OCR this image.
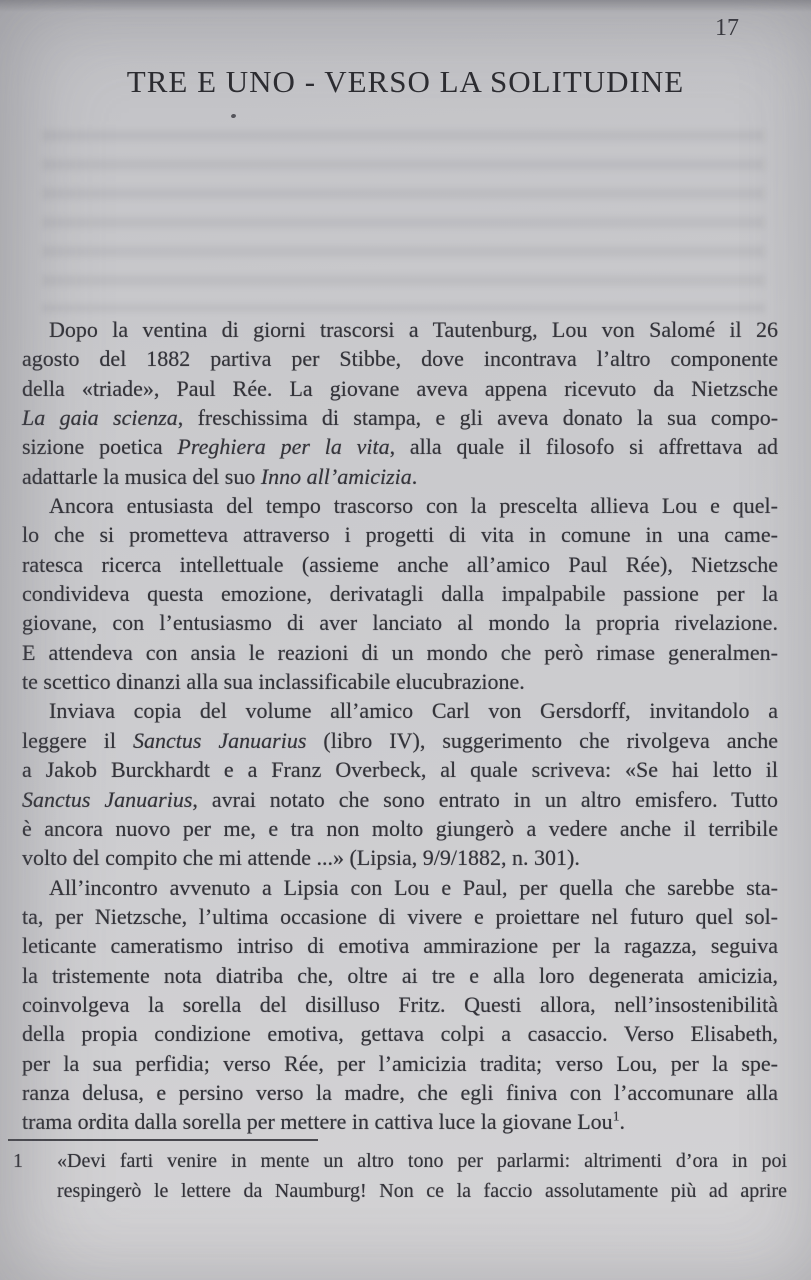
17
TRE E UNO - VERSO LA SOLITUDINE
Dopo la ventina di giorni trascorsi a Tautenburg, Lou von Salomé il 26
agosto del 1882 partiva per Stibbe, dove incontrava l’altro componente
della «triade», Paul Rée. La giovane aveva appena ricevuto da Nietzsche
La gaia scienza, freschissima di stampa, e gli aveva donato la sua compo-
sizione poetica Preghiera per la vita, alla quale il filosofo si affrettava ad
adattarle la musica del suo Inno all’amicizia.
Ancora entusiasta del tempo trascorso con la prescelta allieva Lou e quel-
lo che si prometteva attraverso i progetti di vita in comune in una came-
ratesca ricerca intellettuale (assieme anche all’amico Paul Rée), Nietzsche
condivideva questa emozione, derivatagli dalla impalpabile passione per la
giovane, con l’entusiasmo di aver lanciato al mondo la propria rivelazione.
E attendeva con ansia le reazioni di un mondo che però rimase generalmen-
te scettico dinanzi alla sua inclassificabile elucubrazione.
Inviava copia del volume all’amico Carl von Gersdorff, invitandolo a
leggere il Sanctus Januarius (libro IV), suggerimento che rivolgeva anche
a Jakob Burckhardt e a Franz Overbeck, al quale scriveva: «Se hai letto il
Sanctus Januarius, avrai notato che sono entrato in un altro emisfero. Tutto
è ancora nuovo per me, e tra non molto giungerò a vedere anche il terribile
volto del compito che mi attende ...» (Lipsia, 9/9/1882, n. 301).
All’incontro avvenuto a Lipsia con Lou e Paul, per quella che sarebbe sta-
ta, per Nietzsche, l’ultima occasione di vivere e proiettare nel futuro quel sol-
leticante cameratismo intriso di emotiva ammirazione per la ragazza, seguiva
la tristemente nota diatriba che, oltre ai tre e alla loro degenerata amicizia,
coinvolgeva la sorella del disilluso Fritz. Questi allora, nell’insostenibilità
della propia condizione emotiva, gettava colpi a casaccio. Verso Elisabeth,
per la sua perfidia; verso Rée, per l’amicizia tradita; verso Lou, per la spe-
ranza delusa, e persino verso la madre, che egli finiva con l’accomunare alla
trama ordita dalla sorella per mettere in cattiva luce la giovane Lou$^1$.
1 «Devi farti venire in mente un altro tono per parlarmi: altrimenti d’ora in poi
respingerò le lettere da Naumburg! Non ce la faccio assolutamente più ad aprire
